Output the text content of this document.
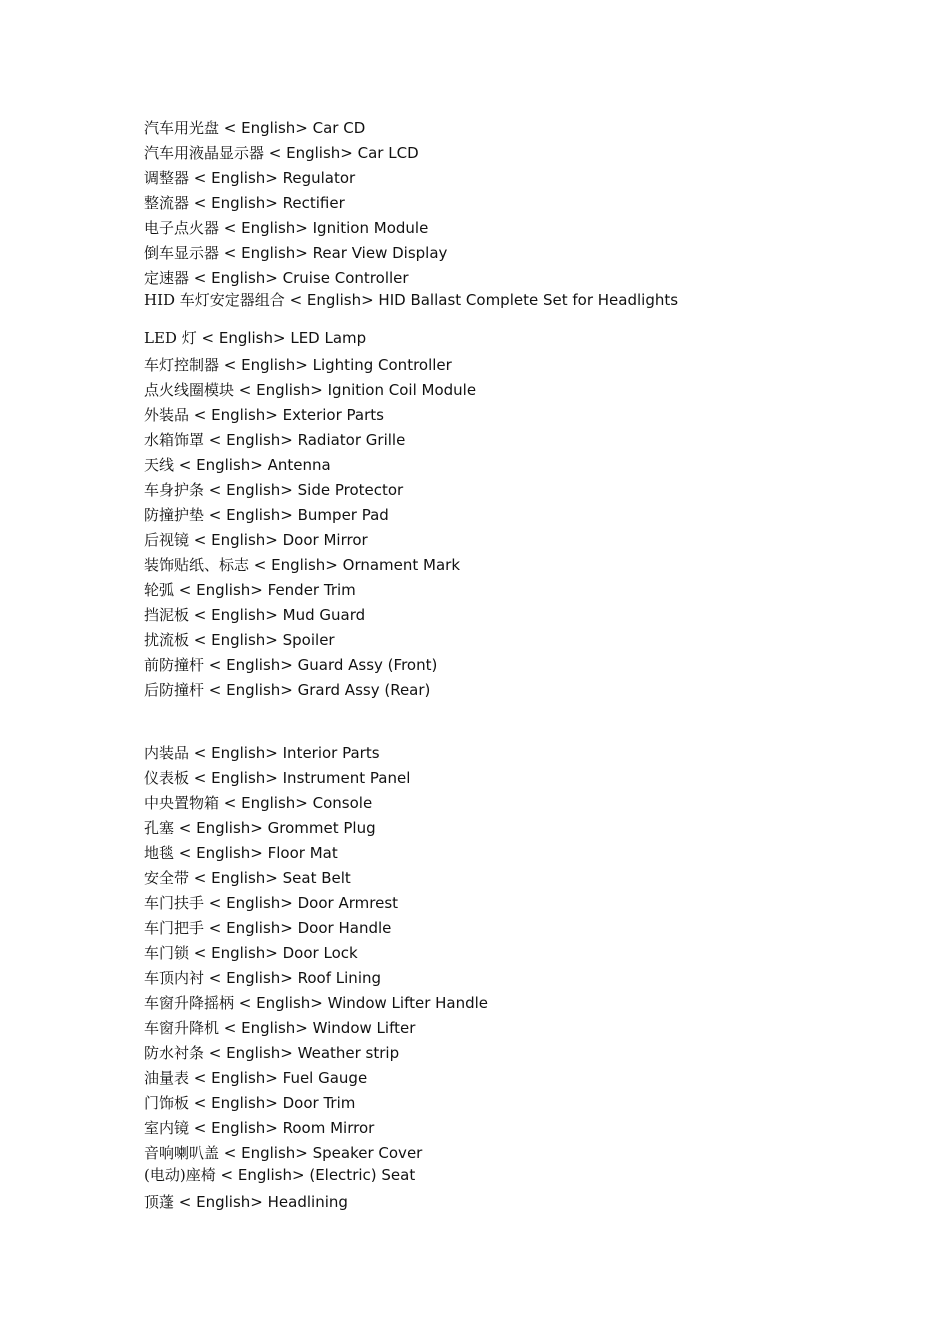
汽车用光盘 < English> Car CD

汽车用液晶显示器 < English> Car LCD

调整器 < English> Regulator

整流器 < English> Rectifier

电子点火器 < English> Ignition Module

倒车显示器 < English> Rear View Display

定速器 < English> Cruise Controller

HID 车灯安定器组合 < English> HID Ballast Complete Set for Headlights

LED 灯 < English> LED Lamp

车灯控制器 < English> Lighting Controller

点火线圈模块 < English> Ignition Coil Module

外装品 < English> Exterior Parts

水箱饰罩 < English> Radiator Grille

天线 < English> Antenna

车身护条 < English> Side Protector

防撞护垫 < English> Bumper Pad

后视镜 < English> Door Mirror

装饰贴纸、标志 < English> Ornament Mark

轮弧 < English> Fender Trim

挡泥板 < English> Mud Guard

扰流板 < English> Spoiler

前防撞杆 < English> Guard Assy (Front)

后防撞杆 < English> Grard Assy (Rear)

内装品 < English> Interior Parts

仪表板 < English> Instrument Panel

中央置物箱 < English> Console

孔塞 < English> Grommet Plug

地毯 < English> Floor Mat

安全带 < English> Seat Belt

车门扶手 < English> Door Armrest

车门把手 < English> Door Handle

车门锁 < English> Door Lock

车顶内衬 < English> Roof Lining

车窗升降摇柄 < English> Window Lifter Handle

车窗升降机 < English> Window Lifter

防水衬条 < English> Weather strip

油量表 < English> Fuel Gauge

门饰板 < English> Door Trim

室内镜 < English> Room Mirror

音响喇叭盖 < English> Speaker Cover

(电动)座椅 < English> (Electric) Seat

顶蓬 < English> Headlining
